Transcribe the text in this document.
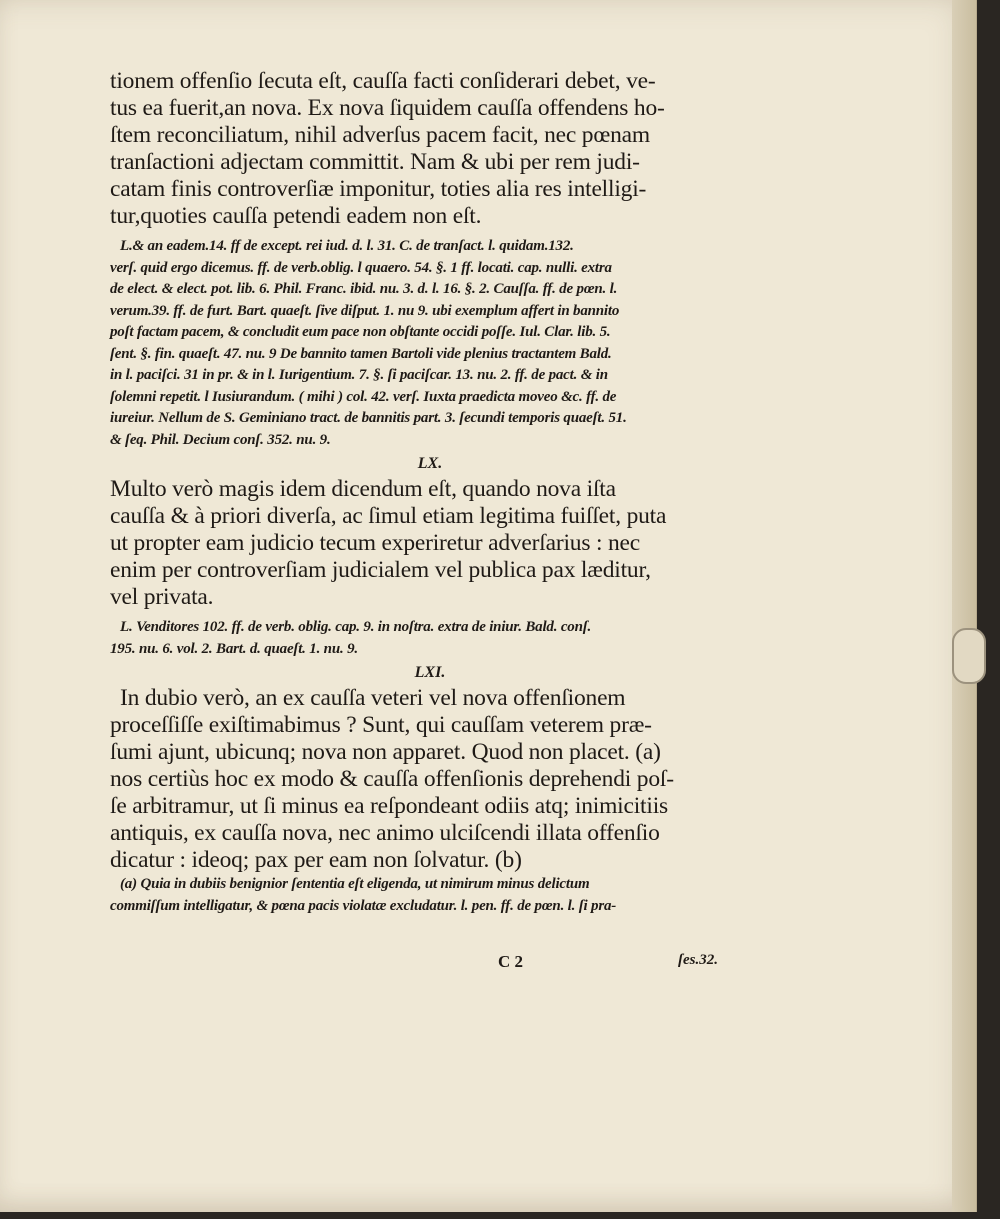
tionem offenſio ſecuta eſt, cauſſa facti conſiderari debet, ve-
tus ea fuerit,an nova. Ex nova ſiquidem cauſſa offendens ho-
ſtem reconciliatum, nihil adverſus pacem facit, nec pœnam
tranſactioni adjectam committit. Nam & ubi per rem judi-
catam finis controverſiæ imponitur, toties alia res intelligi-
tur,quoties cauſſa petendi eadem non eſt.
L.& an eadem.14. ff de except. rei iud. d. l. 31. C. de tranſact. l. quidam.132.
verſ. quid ergo dicemus. ff. de verb.oblig. l quaero. 54. §. 1 ff. locati. cap. nulli. extra
de elect. & elect. pot. lib. 6. Phil. Franc. ibid. nu. 3. d. l. 16. §. 2. Cauſſa. ff. de pœn. l.
verum.39. ff. de furt. Bart. quaeſt. ſive diſput. 1. nu 9. ubi exemplum affert in bannito
poſt factam pacem, & concludit eum pace non obſtante occidi poſſe. Iul. Clar. lib. 5.
ſent. §. fin. quaeſt. 47. nu. 9 De bannito tamen Bartoli vide plenius tractantem Bald.
in l. paciſci. 31 in pr. & in l. Iurigentium. 7. §. ſi paciſcar. 13. nu. 2. ff. de pact. & in
ſolemni repetit. l Iusiurandum. ( mihi ) col. 42. verſ. Iuxta praedicta moveo &c. ff. de
iureiur. Nellum de S. Geminiano tract. de bannitis part. 3. ſecundi temporis quaeſt. 51.
& ſeq. Phil. Decium conſ. 352. nu. 9.
LX.
Multo verò magis idem dicendum eſt, quando nova iſta
cauſſa & à priori diverſa, ac ſimul etiam legitima fuiſſet, puta
ut propter eam judicio tecum experiretur adverſarius : nec
enim per controverſiam judicialem vel publica pax læditur,
vel privata.
L. Venditores 102. ff. de verb. oblig. cap. 9. in noſtra. extra de iniur. Bald. conſ.
195. nu. 6. vol. 2. Bart. d. quaeſt. 1. nu. 9.
LXI.
In dubio verò, an ex cauſſa veteri vel nova offenſionem
proceſſiſſe exiſtimabimus ? Sunt, qui cauſſam veterem præ-
ſumi ajunt, ubicunq; nova non apparet. Quod non placet. (a)
nos certiùs hoc ex modo & cauſſa offenſionis deprehendi poſ-
ſe arbitramur, ut ſi minus ea reſpondeant odiis atq; inimicitiis
antiquis, ex cauſſa nova, nec animo ulciſcendi illata offenſio
dicatur : ideoq; pax per eam non ſolvatur. (b)
(a) Quia in dubiis benignior ſententia eſt eligenda, ut nimirum minus delictum
commiſſum intelligatur, & pœna pacis violatæ excludatur. l. pen. ff. de pœn. l. ſi pra-
C 2	ſes.32.
